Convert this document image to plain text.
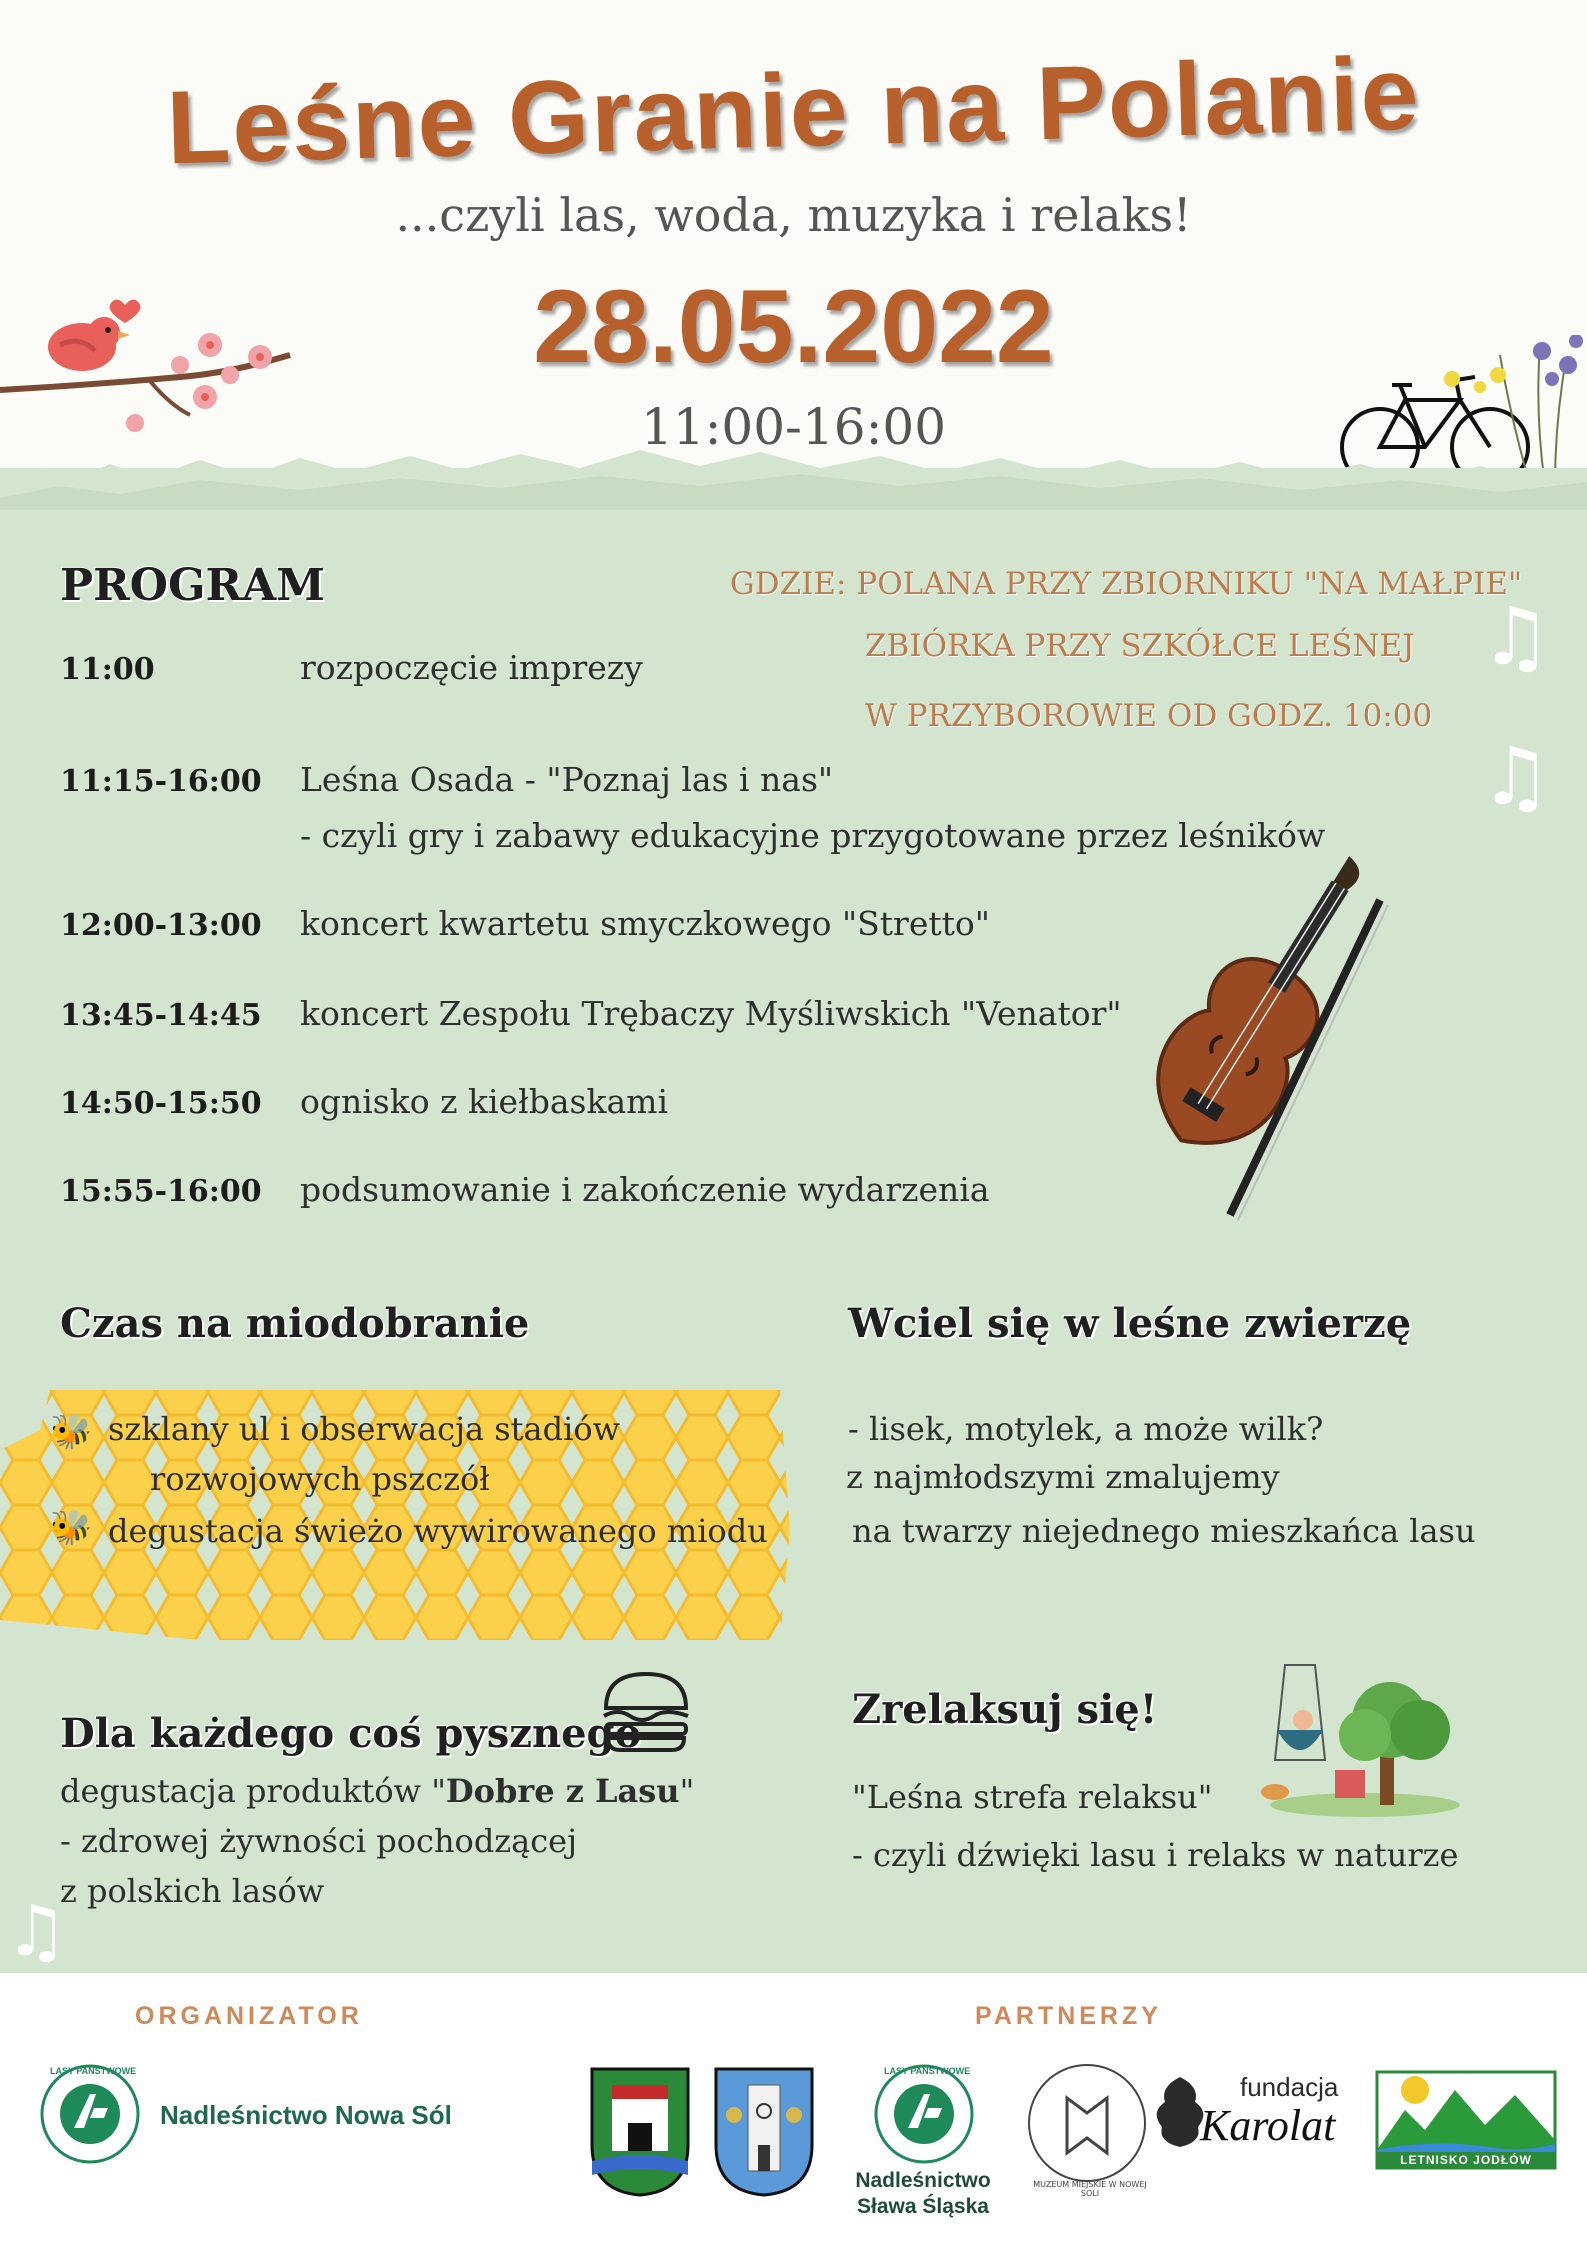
Leśne Granie na Polanie
...czyli las, woda, muzyka i relaks!
28.05.2022
11:00-16:00
PROGRAM	GDZIE: POLANA PRZY ZBIORNIKU "NA MAŁPIE"
ZBIÓRKA PRZY SZKÓŁCE LEŚNEJ
W PRZYBOROWIE OD GODZ. 10:00
♫
♫
11:00	rozpoczęcie imprezy
11:15-16:00 Leśna Osada - "Poznaj las i nas"
- czyli gry i zabawy edukacyjne przygotowane przez leśników
12:00-13:00 koncert kwartetu smyczkowego "Stretto"
13:45-14:45 koncert Zespołu Trębaczy Myśliwskich "Venator"
14:50-15:50 ognisko z kiełbaskami
15:55-16:00 podsumowanie i zakończenie wydarzenia
Czas na miodobranie
🐝 szklany ul i obserwacja stadiów
rozwojowych pszczół
🐝 degustacja świeżo wywirowanego miodu
Wciel się w leśne zwierzę
- lisek, motylek, a może wilk?
z najmłodszymi zmalujemy
na twarzy niejednego mieszkańca lasu
Dla każdego coś pysznego
degustacja produktów "Dobre z Lasu"
- zdrowej żywności pochodzącej
z polskich lasów
♫
Zrelaksuj się!
"Leśna strefa relaksu"
- czyli dźwięki lasu i relaks w naturze
ORGANIZATOR	PARTNERZY
LASY PAŃSTWOWE
Nadleśnictwo Nowa Sól
LASY PAŃSTWOWE
Nadleśnictwo
Sława Śląska
MUZEUM MIEJSKIE W NOWEJ SOLI
fundacja
Karolat
LETNISKO JODŁÓW
